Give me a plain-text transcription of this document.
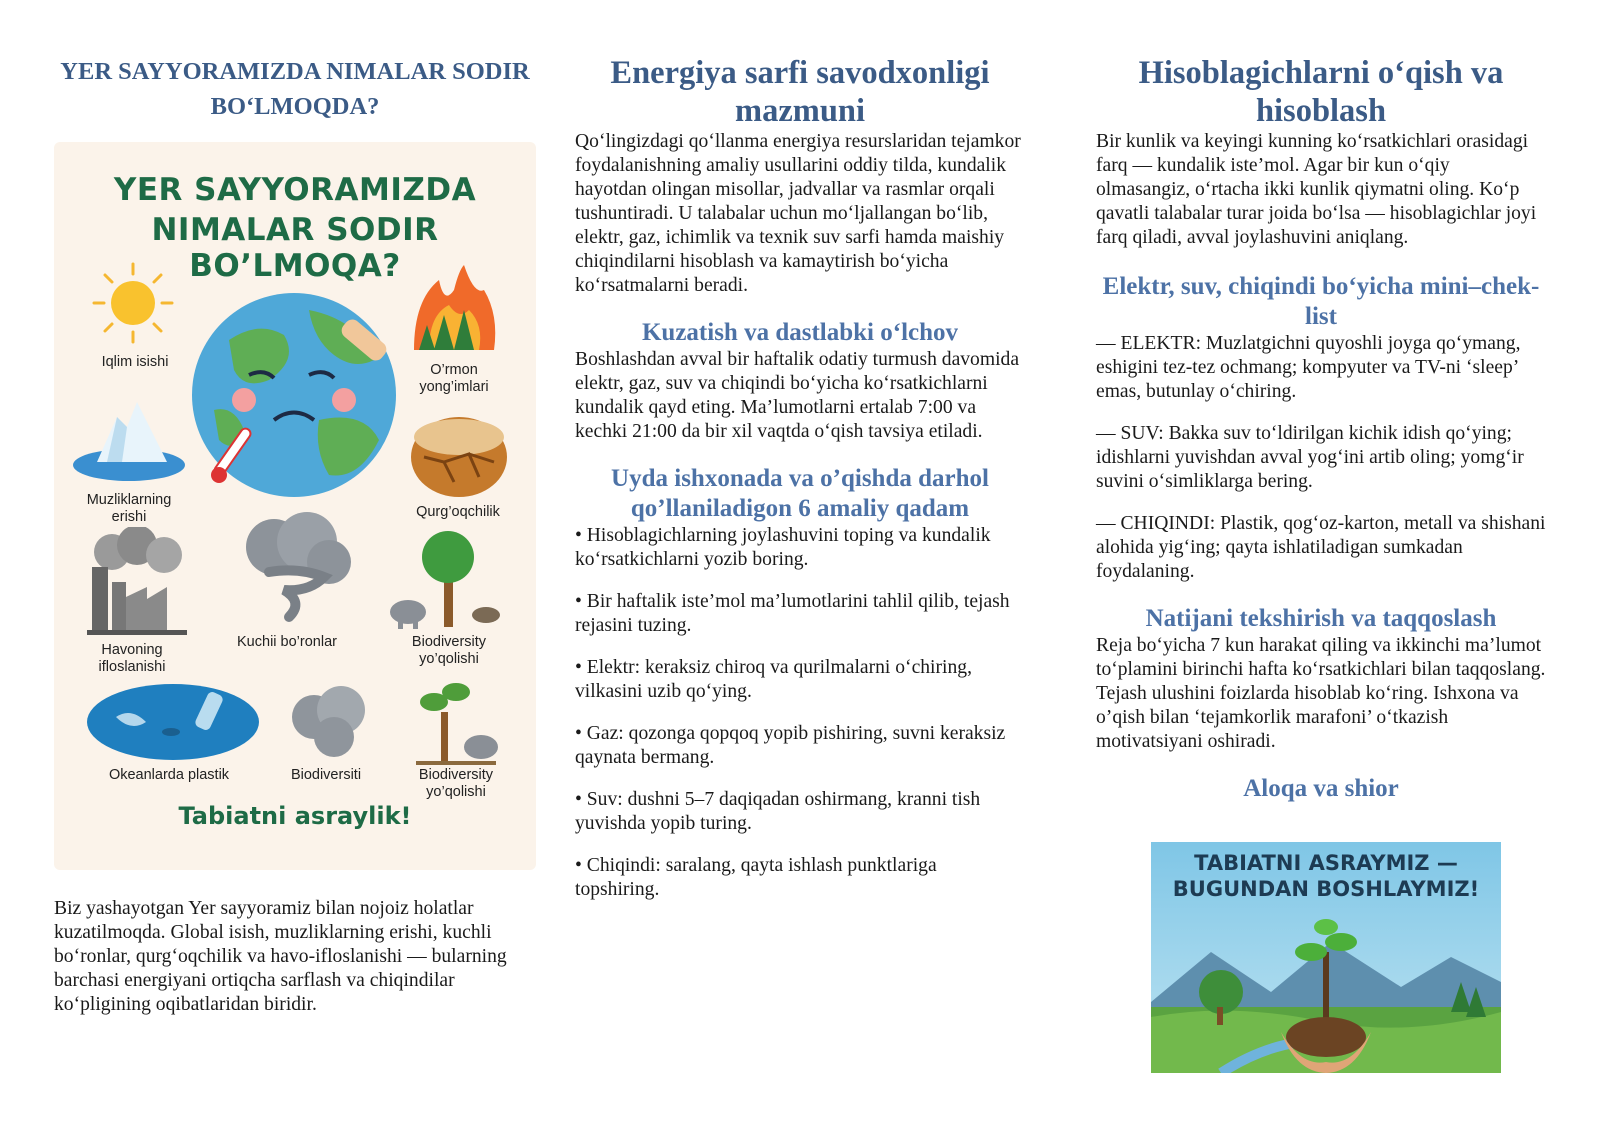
YER SAYYORAMIZDA NIMALAR SODIR BO‘LMOQDA?
YER SAYYORAMIZDA
NIMALAR SODIR BO’LMOQA?
Iqlim isishi	O’rmon yong’imlari
Muzliklarning erishi	Qurg’oqchilik
Havoning ifloslanishi
Kuchii bo’ronlar	Biodiversity yo’qolishi
Okeanlarda plastik	Biodiversiti	Biodiversity yo’qolishi
Tabiatni asraylik!
Biz yashayotgan Yer sayyoramiz bilan nojoiz holatlar kuzatilmoqda. Global isish, muzliklarning erishi, kuchli bo‘ronlar, qurg‘oqchilik va havo-ifloslanishi — bularning barchasi energiyani ortiqcha sarflash va chiqindilar ko‘pligining oqibatlaridan biridir.
Energiya sarfi savodxonligi mazmuni
Qo‘lingizdagi qo‘llanma energiya resurslaridan tejamkor foydalanishning amaliy usullarini oddiy tilda, kundalik hayotdan olingan misollar, jadvallar va rasmlar orqali tushuntiradi. U talabalar uchun mo‘ljallangan bo‘lib, elektr, gaz, ichimlik va texnik suv sarfi hamda maishiy chiqindilarni hisoblash va kamaytirish bo‘yicha ko‘rsatmalarni beradi.
Kuzatish va dastlabki o‘lchov
Boshlashdan avval bir haftalik odatiy turmush davomida elektr, gaz, suv va chiqindi bo‘yicha ko‘rsatkichlarni kundalik qayd eting. Ma’lumotlarni ertalab 7:00 va kechki 21:00 da bir xil vaqtda o‘qish tavsiya etiladi.
Uyda ishxonada va o’qishda darhol qo’llaniladigon 6 amaliy qadam

• Hisoblagichlarning joylashuvini toping va kundalik ko‘rsatkichlarni yozib boring.

• Bir haftalik iste’mol ma’lumotlarini tahlil qilib, tejash rejasini tuzing.

• Elektr: keraksiz chiroq va qurilmalarni o‘chiring, vilkasini uzib qo‘ying.

• Gaz: qozonga qopqoq yopib pishiring, suvni keraksiz qaynata bermang.

• Suv: dushni 5–7 daqiqadan oshirmang, kranni tish yuvishda yopib turing.

• Chiqindi: saralang, qayta ishlash punktlariga topshiring.

Hisoblagichlarni o‘qish va hisoblash
Bir kunlik va keyingi kunning ko‘rsatkichlari orasidagi farq — kundalik iste’mol. Agar bir kun o‘qiy olmasangiz, o‘rtacha ikki kunlik qiymatni oling. Ko‘p qavatli talabalar turar joida bo‘lsa — hisoblagichlar joyi farq qiladi, avval joylashuvini aniqlang.
Elektr, suv, chiqindi bo‘yicha mini–chek-list

— ELEKTR: Muzlatgichni quyoshli joyga qo‘ymang, eshigini tez-tez ochmang; kompyuter va TV-ni ‘sleep’ emas, butunlay o‘chiring.

— SUV: Bakka suv to‘ldirilgan kichik idish qo‘ying; idishlarni yuvishdan avval yog‘ini artib oling; yomg‘ir suvini o‘simliklarga bering.

— CHIQINDI: Plastik, qog‘oz-karton, metall va shishani alohida yig‘ing; qayta ishlatiladigan sumkadan foydalaning.

Natijani tekshirish va taqqoslash
Reja bo‘yicha 7 kun harakat qiling va ikkinchi ma’lumot to‘plamini birinchi hafta ko‘rsatkichlari bilan taqqoslang. Tejash ulushini foizlarda hisoblab ko‘ring. Ishxona va o’qish bilan ‘tejamkorlik marafoni’ o‘tkazish motivatsiyani oshiradi.
Aloqa va shior
TABIATNI ASRAYMIZ —
BUGUNDAN BOSHLAYMIZ!
